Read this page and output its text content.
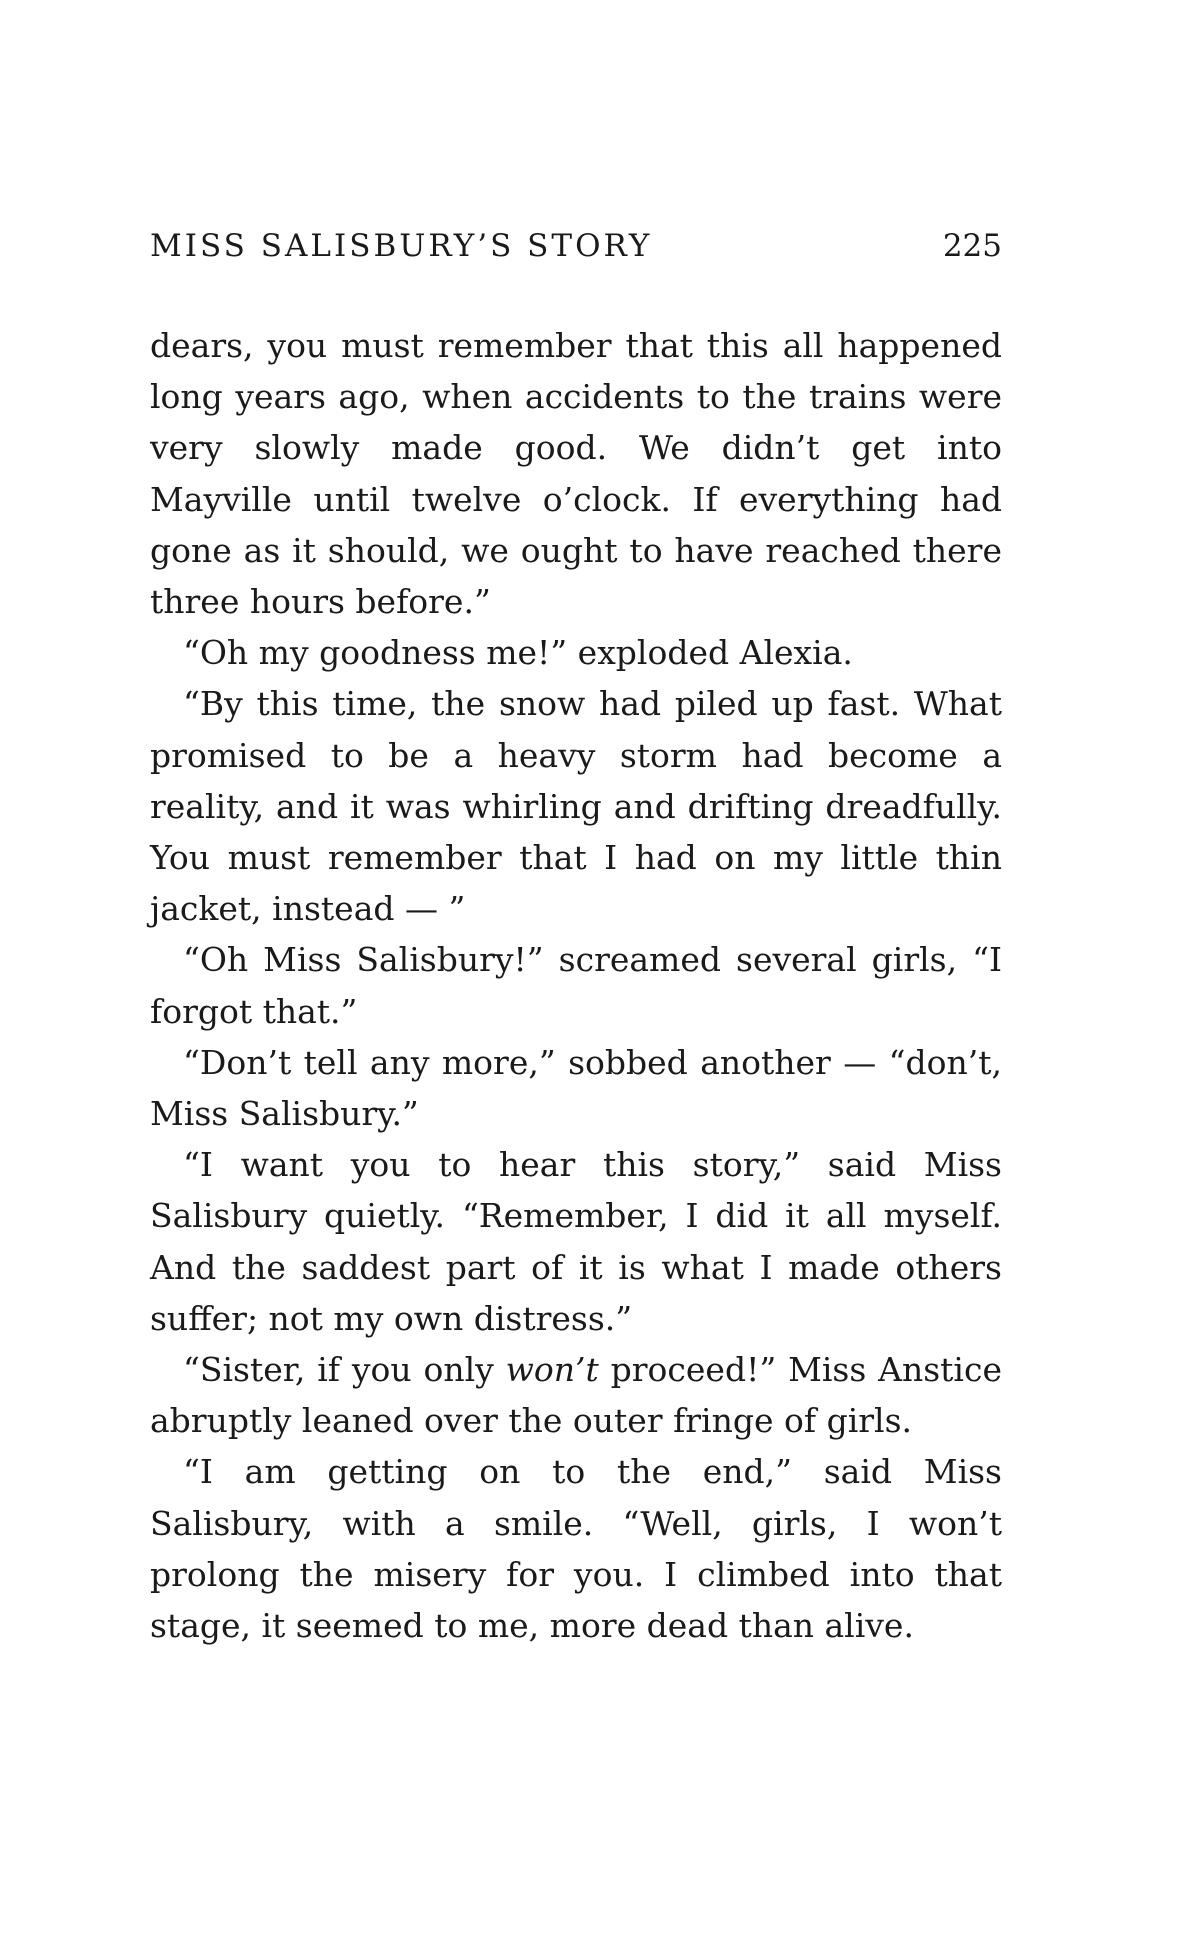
MISS SALISBURY’S STORY	225

dears, you must remember that this all happened long years ago, when accidents to the trains were very slowly made good. We didn’t get into Mayville until twelve o’clock. If everything had gone as it should, we ought to have reached there three hours before.”

“Oh my goodness me!” exploded Alexia.

“By this time, the snow had piled up fast. What promised to be a heavy storm had become a reality, and it was whirling and drifting dreadfully. You must remember that I had on my little thin jacket, instead — ”

“Oh Miss Salisbury!” screamed several girls, “I forgot that.”

“Don’t tell any more,” sobbed another — “don’t, Miss Salisbury.”

“I want you to hear this story,” said Miss Salisbury quietly. “Remember, I did it all myself. And the saddest part of it is what I made others suffer; not my own distress.”

“Sister, if you only won’t proceed!” Miss Anstice abruptly leaned over the outer fringe of girls.

“I am getting on to the end,” said Miss Salisbury, with a smile. “Well, girls, I won’t prolong the misery for you. I climbed into that stage, it seemed to me, more dead than alive.
